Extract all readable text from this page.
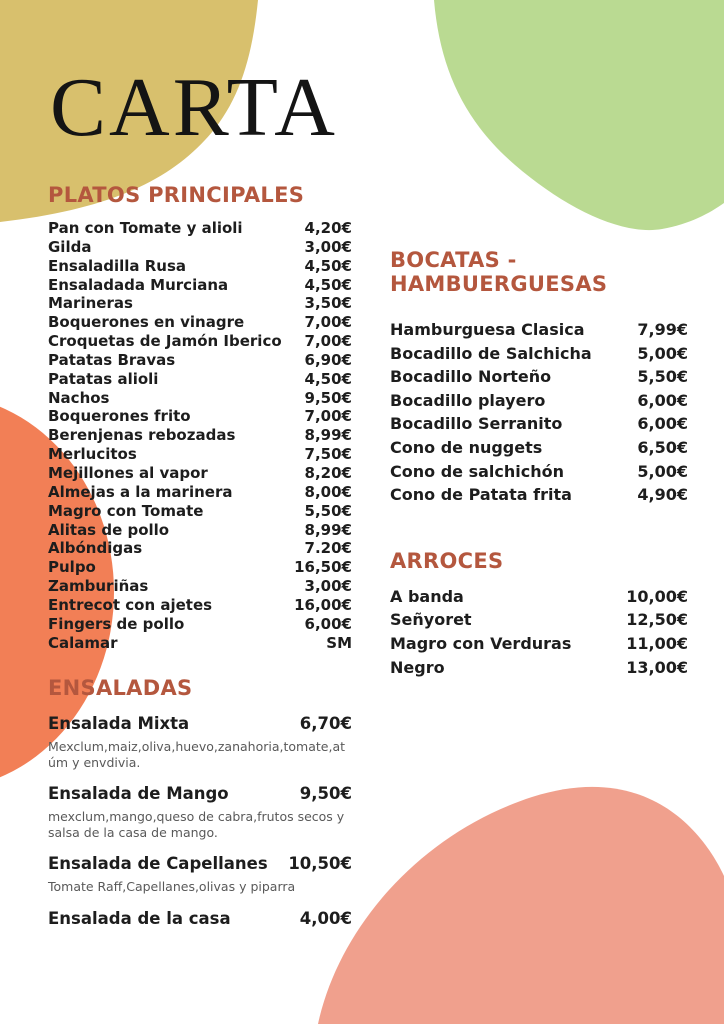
CARTA
PLATOS PRINCIPALES
Pan con Tomate y alioli	4,20€
Gilda	3,00€
Ensaladilla Rusa	4,50€
Ensaladada Murciana	4,50€
Marineras	3,50€
Boquerones en vinagre	7,00€
Croquetas de Jamón Iberico 7,00€
Patatas Bravas	6,90€
Patatas alioli	4,50€
Nachos	9,50€
Boquerones frito	7,00€
Berenjenas rebozadas	8,99€
Merlucitos	7,50€
Mejillones al vapor	8,20€
Almejas a la marinera	8,00€
Magro con Tomate	5,50€
Alitas de pollo	8,99€
Albóndigas	7.20€
Pulpo	16,50€
Zamburiñas	3,00€
Entrecot con ajetes	16,00€
Fingers de pollo	6,00€
Calamar	SM
ENSALADAS
Ensalada Mixta	6,70€
Mexclum,maiz,oliva,huevo,zanahoria,tomate,atúm y envdivia.
Ensalada de Mango	9,50€
mexclum,mango,queso de cabra,frutos secos y salsa de la casa de mango.
Ensalada de Capellanes 10,50€
Tomate Raff,Capellanes,olivas y piparra
Ensalada de la casa	4,00€
BOCATAS -HAMBUERGUESAS
Hamburguesa Clasica	7,99€
Bocadillo de Salchicha	5,00€
Bocadillo Norteño	5,50€
Bocadillo playero	6,00€
Bocadillo Serranito	6,00€
Cono de nuggets	6,50€
Cono de salchichón	5,00€
Cono de Patata frita	4,90€
ARROCES
A banda	10,00€
Señyoret	12,50€
Magro con Verduras	11,00€
Negro	13,00€
